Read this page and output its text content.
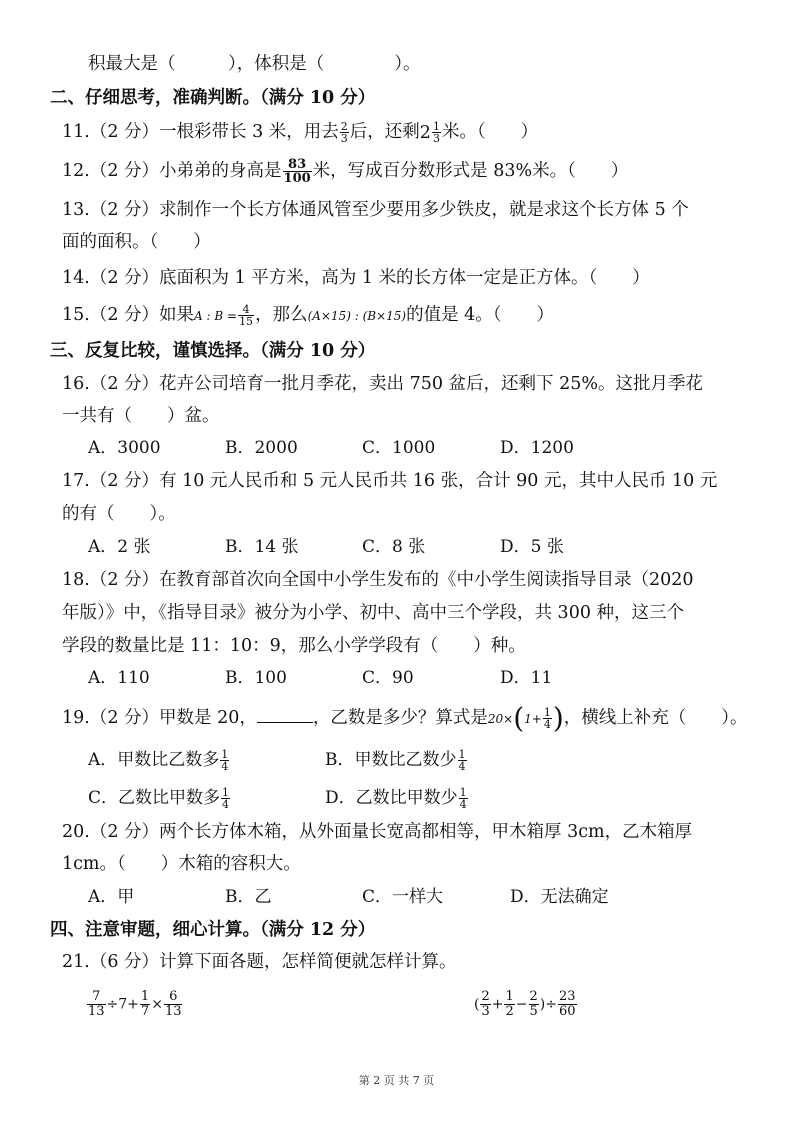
积最大是（　　　），体积是（　　　　）。
二、仔细思考，准确判断。（满分 10 分）
11.（2 分）一根彩带长 3 米，用去 $\frac{2}{3}$ 后，还剩$2 \frac{1}{3}$ 米。（　　）
12.（2 分）小弟弟的身高是 $\frac{83}{100}$ 米，写成百分数形式是 83%米。（　　）
13.（2 分）求制作一个长方体通风管至少要用多少铁皮，就是求这个长方体 5 个
面的面积。（　　）
14.（2 分）底面积为 1 平方米，高为 1 米的长方体一定是正方体。（　　）
15.（2 分）如果A : $B = \frac{4}{15}$ ，那么(A×15) : (B×15)的值是 4。（　　）
三、反复比较，谨慎选择。（满分 10 分）
16.（2 分）花卉公司培育一批月季花，卖出 750 盆后，还剩下 25%。这批月季花
一共有（　　）盆。
A．3000	B．2000	C．1000	D．1200
17.（2 分）有 10 元人民币和 5 元人民币共 16 张，合计 90 元，其中人民币 10 元
的有（　　）。
A．2 张	B．14 张	C．8 张	D．5 张
18.（2 分）在教育部首次向全国中小学生发布的《中小学生阅读指导目录（2020
年版）》中，《指导目录》被分为小学、初中、高中三个学段，共 300 种，这三个
学段的数量比是 11：10：9，那么小学学段有（　　）种。
A．110	B．100	C．90	D．11
19.（2 分）甲数是 20，	，乙数是多少？算式是$20\times(1+ \frac{1}{4}$ )，横线上补充（　　）。
A．甲数比乙数多 $\frac{1}{4}$	B．甲数比乙数少 $\frac{1}{4}$
C．乙数比甲数多 $\frac{1}{4}$	D．乙数比甲数少 $\frac{1}{4}$
20.（2 分）两个长方体木箱，从外面量长宽高都相等，甲木箱厚 3cm，乙木箱厚
1cm。（　　）木箱的容积大。
A．甲	B．乙	C．一样大	D．无法确定
四、注意审题，细心计算。（满分 12 分）
21.（6 分）计算下面各题，怎样简便就怎样计算。
$\frac{7}{13} \div 7+ \frac{1}{7} \times \frac{6}{13}$	( $\frac{2}{3} + \frac{1}{2} - \frac{2}{5}$ )÷ $\frac{23}{60}$
第 2 页 共 7 页
